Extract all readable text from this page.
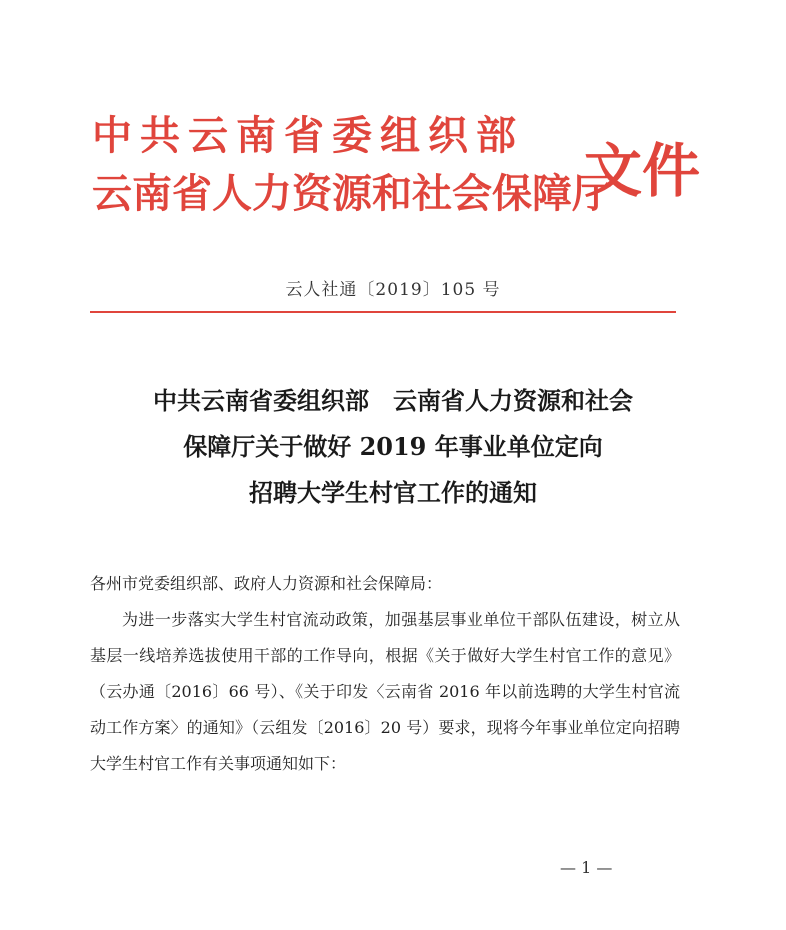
中共云南省委组织部
云南省人力资源和社会保障厅
文件
云人社通〔2019〕105 号
中共云南省委组织部　云南省人力资源和社会
保障厅关于做好 2019 年事业单位定向
招聘大学生村官工作的通知

各州市党委组织部、政府人力资源和社会保障局：

为进一步落实大学生村官流动政策，加强基层事业单位干部队伍建设，树立从基层一线培养选拔使用干部的工作导向，根据《关于做好大学生村官工作的意见》（云办通〔2016〕66 号）、《关于印发〈云南省 2016 年以前选聘的大学生村官流动工作方案〉的通知》（云组发〔2016〕20 号）要求，现将今年事业单位定向招聘大学生村官工作有关事项通知如下：

— 1 —
